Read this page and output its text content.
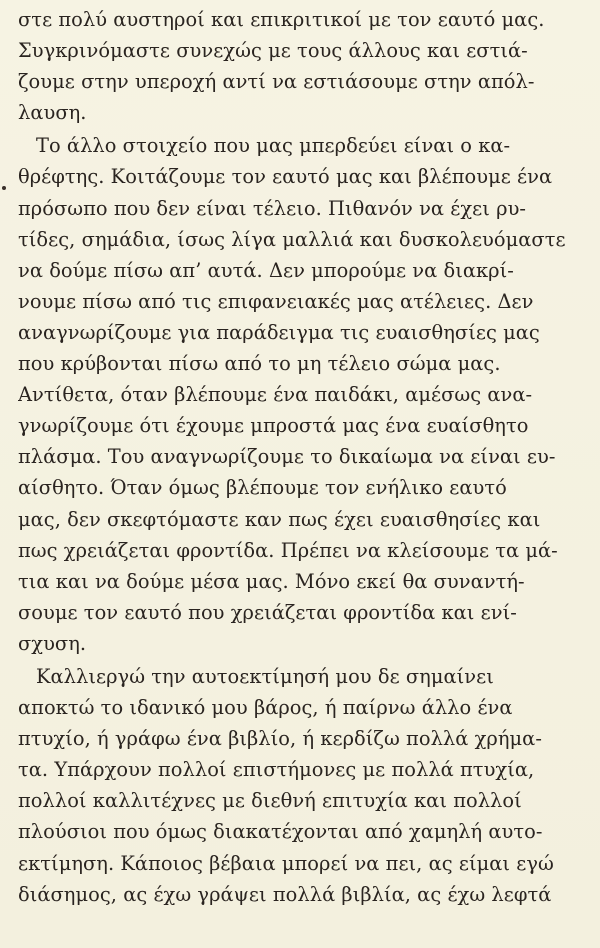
στε πολύ αυστηροί και επικριτικοί με τον εαυτό μας.
Συγκρινόμαστε συνεχώς με τους άλλους και εστιά-
ζουμε στην υπεροχή αντί να εστιάσουμε στην απόλ-
λαυση.
Το άλλο στοιχείο που μας μπερδεύει είναι ο κα-
θρέφτης. Κοιτάζουμε τον εαυτό μας και βλέπουμε ένα
πρόσωπο που δεν είναι τέλειο. Πιθανόν να έχει ρυ-
τίδες, σημάδια, ίσως λίγα μαλλιά και δυσκολευόμαστε
να δούμε πίσω απ’ αυτά. Δεν μπορούμε να διακρί-
νουμε πίσω από τις επιφανειακές μας ατέλειες. Δεν
αναγνωρίζουμε για παράδειγμα τις ευαισθησίες μας
που κρύβονται πίσω από το μη τέλειο σώμα μας.
Αντίθετα, όταν βλέπουμε ένα παιδάκι, αμέσως ανα-
γνωρίζουμε ότι έχουμε μπροστά μας ένα ευαίσθητο
πλάσμα. Του αναγνωρίζουμε το δικαίωμα να είναι ευ-
αίσθητο. Όταν όμως βλέπουμε τον ενήλικο εαυτό
μας, δεν σκεφτόμαστε καν πως έχει ευαισθησίες και
πως χρειάζεται φροντίδα. Πρέπει να κλείσουμε τα μά-
τια και να δούμε μέσα μας. Μόνο εκεί θα συναντή-
σουμε τον εαυτό που χρειάζεται φροντίδα και ενί-
σχυση.
Καλλιεργώ την αυτοεκτίμησή μου δε σημαίνει
αποκτώ το ιδανικό μου βάρος, ή παίρνω άλλο ένα
πτυχίο, ή γράφω ένα βιβλίο, ή κερδίζω πολλά χρήμα-
τα. Υπάρχουν πολλοί επιστήμονες με πολλά πτυχία,
πολλοί καλλιτέχνες με διεθνή επιτυχία και πολλοί
πλούσιοι που όμως διακατέχονται από χαμηλή αυτο-
εκτίμηση. Κάποιος βέβαια μπορεί να πει, ας είμαι εγώ
διάσημος, ας έχω γράψει πολλά βιβλία, ας έχω λεφτά
